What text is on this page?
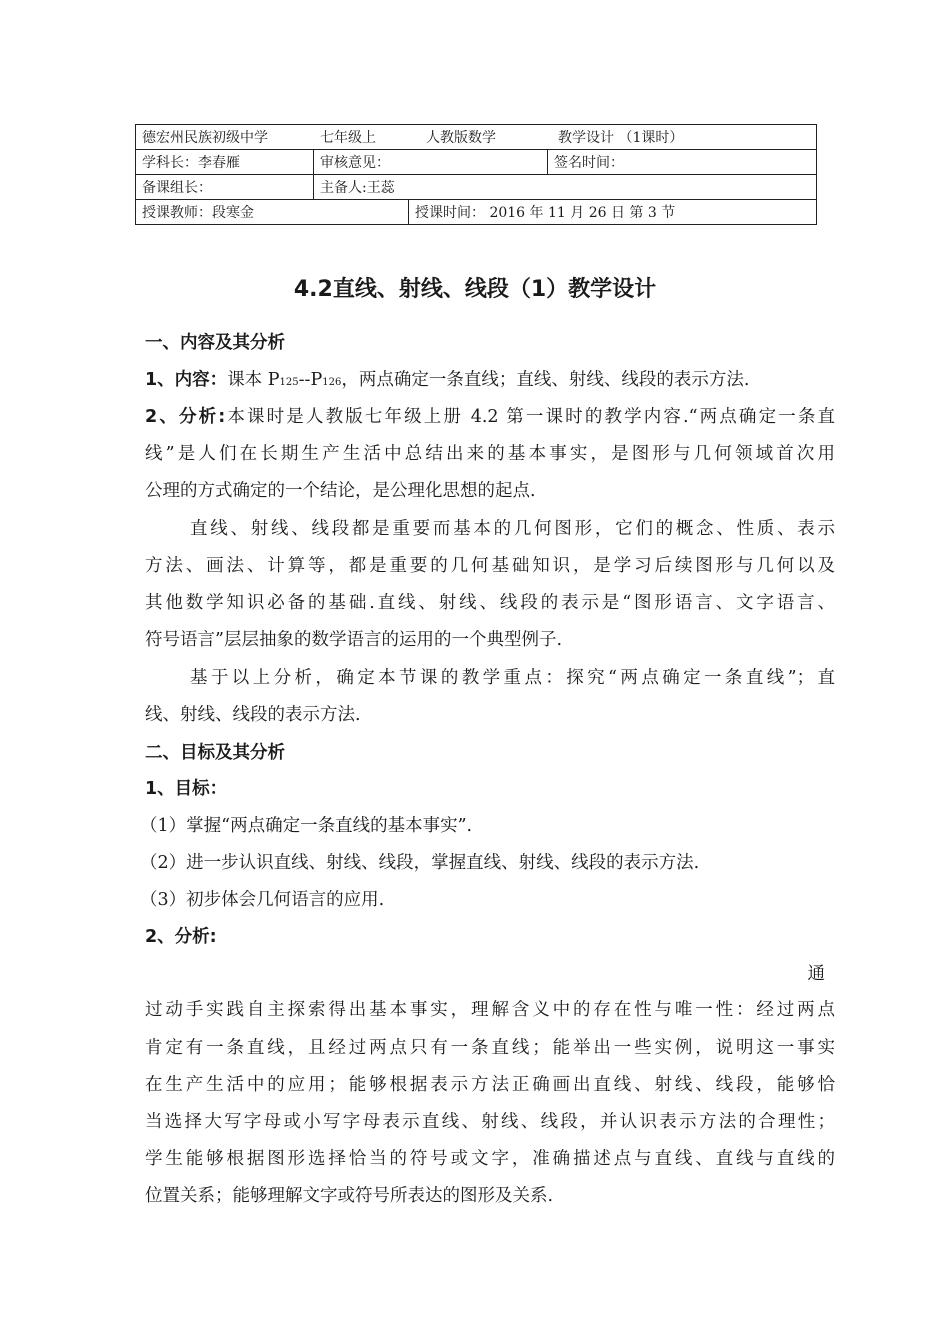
德宏州民族初级中学 七年级上 人教版数学 教学设计 （1课时）			
学科长：李春雁	审核意见：		签名时间：
备课组长：	主备人:王蕊		
授课教师：段寒金		授课时间： 2016 年 11 月 26 日 第 3 节	
4.2直线、射线、线段（1）教学设计
一、内容及其分析
1、内容：课本 P125--P126，两点确定一条直线；直线、射线、线段的表示方法.
2、分析:本课时是人教版七年级上册 4.2 第一课时的教学内容.“两点确定一条直
线”是人们在长期生产生活中总结出来的基本事实，是图形与几何领域首次用
公理的方式确定的一个结论，是公理化思想的起点.
直线、射线、线段都是重要而基本的几何图形，它们的概念、性质、表示
方法、画法、计算等，都是重要的几何基础知识，是学习后续图形与几何以及
其他数学知识必备的基础.直线、射线、线段的表示是“图形语言、文字语言、
符号语言”层层抽象的数学语言的运用的一个典型例子.
基于以上分析，确定本节课的教学重点：探究“两点确定一条直线”；直
线、射线、线段的表示方法.
二、目标及其分析
1、目标：
（1）掌握“两点确定一条直线的基本事实”.
（2）进一步认识直线、射线、线段，掌握直线、射线、线段的表示方法.
（3）初步体会几何语言的应用.
2、分析:
通
过动手实践自主探索得出基本事实，理解含义中的存在性与唯一性：经过两点
肯定有一条直线，且经过两点只有一条直线；能举出一些实例，说明这一事实
在生产生活中的应用；能够根据表示方法正确画出直线、射线、线段，能够恰
当选择大写字母或小写字母表示直线、射线、线段，并认识表示方法的合理性；
学生能够根据图形选择恰当的符号或文字，准确描述点与直线、直线与直线的
位置关系；能够理解文字或符号所表达的图形及关系.
